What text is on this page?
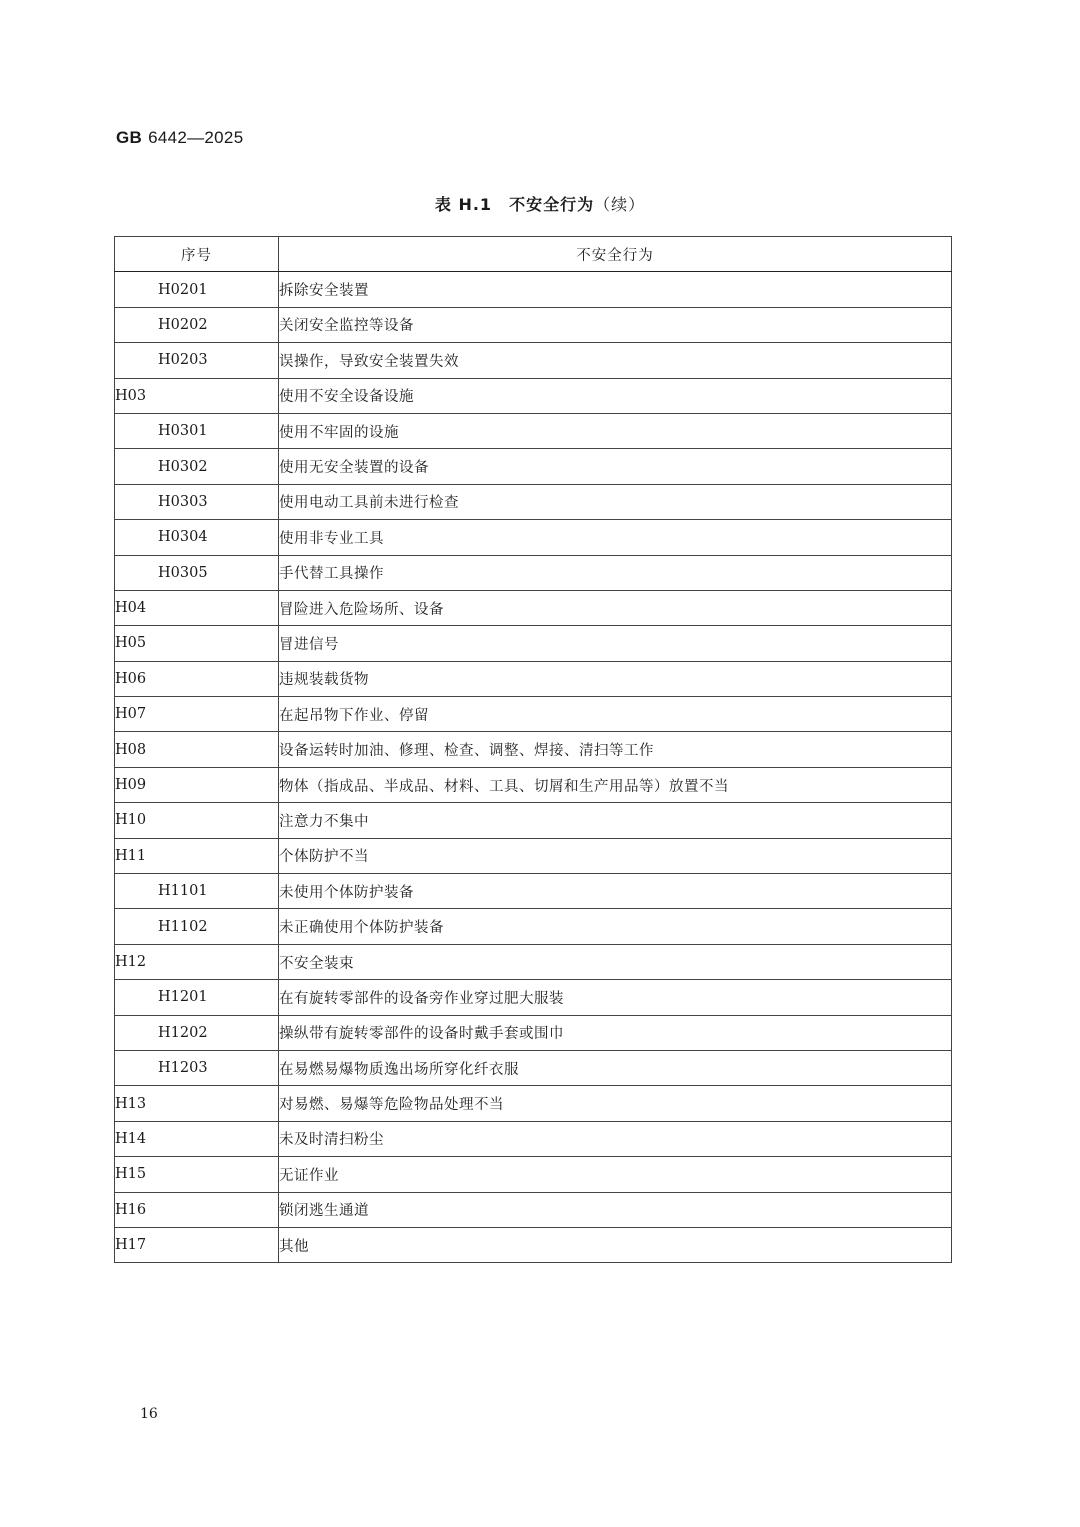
GB 6442—2025
表 H.1　不安全行为（续）
序号	不安全行为
H0201	拆除安全装置
H0202	关闭安全监控等设备
H0203	误操作，导致安全装置失效
H03	使用不安全设备设施
H0301	使用不牢固的设施
H0302	使用无安全装置的设备
H0303	使用电动工具前未进行检查
H0304	使用非专业工具
H0305	手代替工具操作
H04	冒险进入危险场所、设备
H05	冒进信号
H06	违规装载货物
H07	在起吊物下作业、停留
H08	设备运转时加油、修理、检查、调整、焊接、清扫等工作
H09	物体（指成品、半成品、材料、工具、切屑和生产用品等）放置不当
H10	注意力不集中
H11	个体防护不当
H1101	未使用个体防护装备
H1102	未正确使用个体防护装备
H12	不安全装束
H1201	在有旋转零部件的设备旁作业穿过肥大服装
H1202	操纵带有旋转零部件的设备时戴手套或围巾
H1203	在易燃易爆物质逸出场所穿化纤衣服
H13	对易燃、易爆等危险物品处理不当
H14	未及时清扫粉尘
H15	无证作业
H16	锁闭逃生通道
H17	其他
16
